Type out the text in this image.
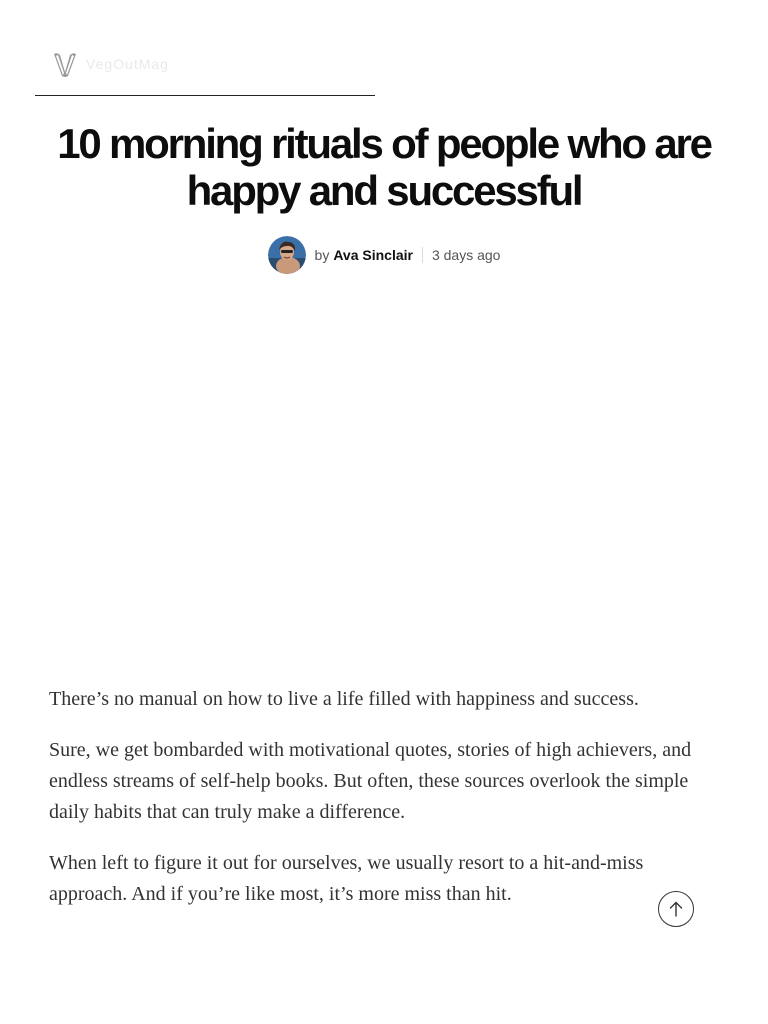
VegOutMag
10 morning rituals of people who are happy and successful
by Ava Sinclair 3 days ago

There’s no manual on how to live a life filled with happiness and success.

Sure, we get bombarded with motivational quotes, stories of high achievers, and endless streams of self-help books. But often, these sources overlook the simple daily habits that can truly make a difference.

When left to figure it out for ourselves, we usually resort to a hit-and-miss approach. And if you’re like most, it’s more miss than hit.
